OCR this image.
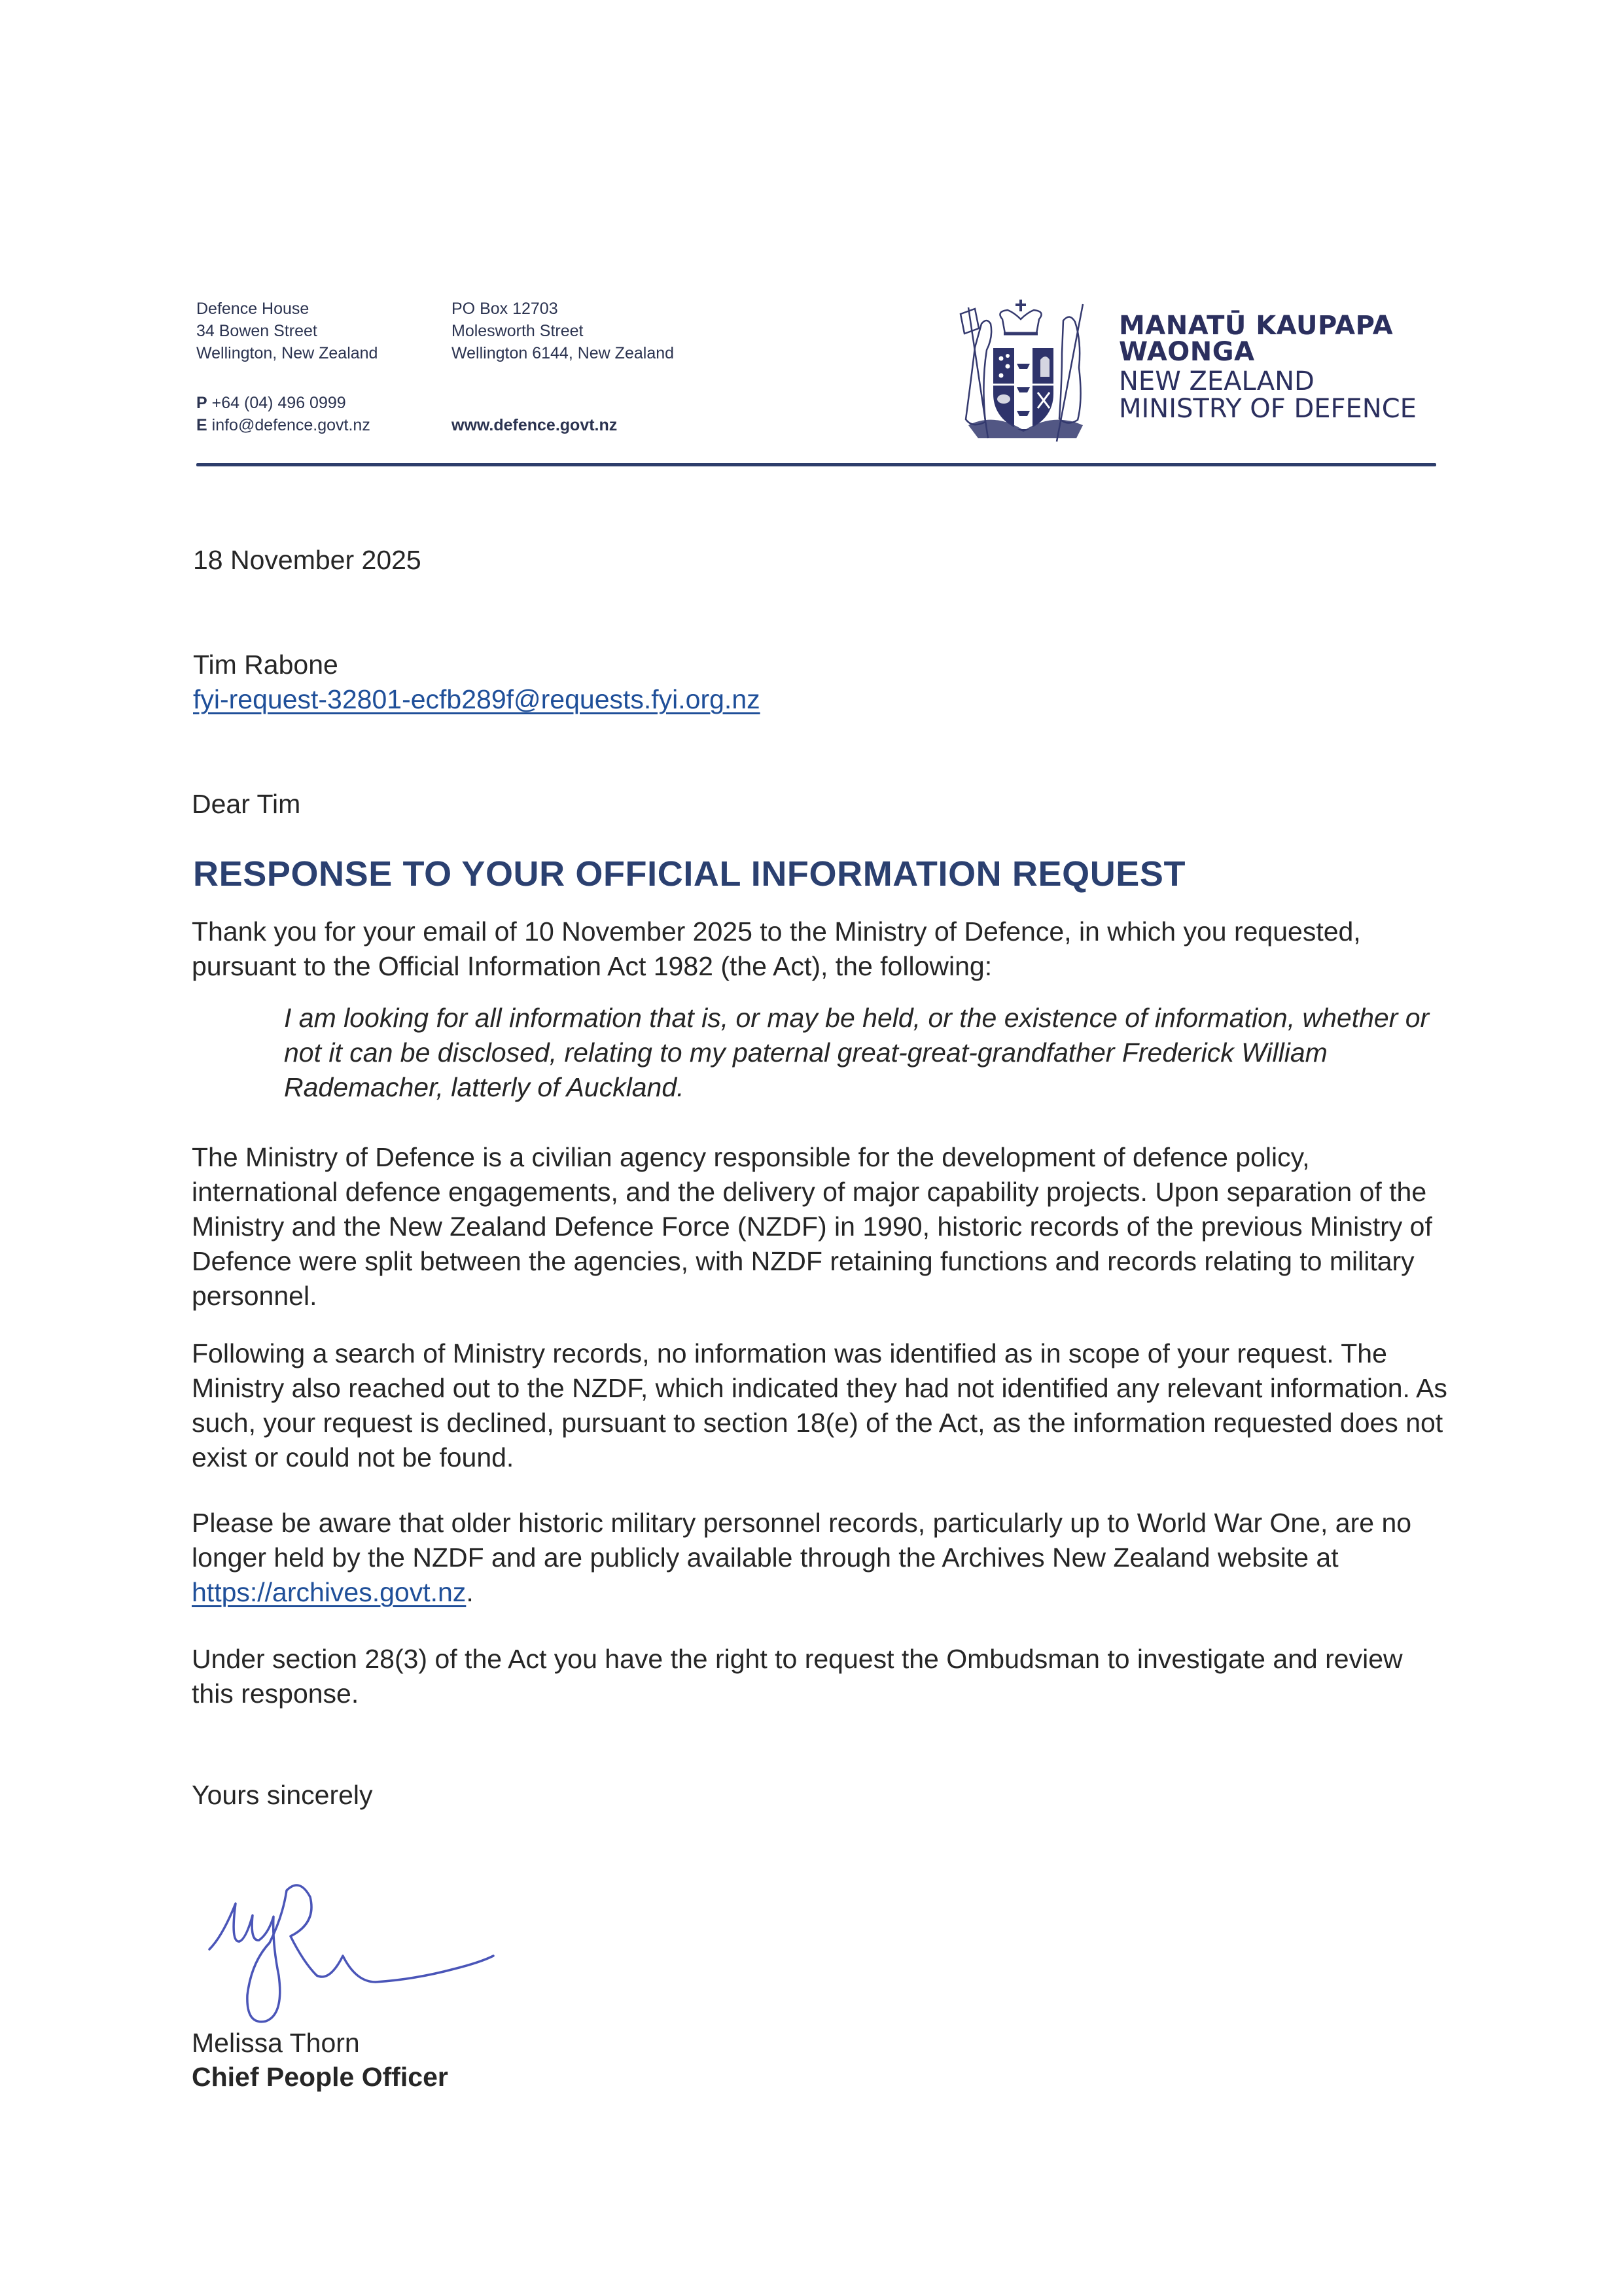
Defence House
34 Bowen Street
Wellington, New Zealand
P +64 (04) 496 0999
E info@defence.govt.nz
PO Box 12703
Molesworth Street
Wellington 6144, New Zealand
www.defence.govt.nz
MANATŪ KAUPAPA
WAONGA
NEW ZEALAND
MINISTRY OF DEFENCE
18 November 2025
Tim Rabone
fyi-request-32801-ecfb289f@requests.fyi.org.nz
Dear Tim
RESPONSE TO YOUR OFFICIAL INFORMATION REQUEST
Thank you for your email of 10 November 2025 to the Ministry of Defence, in which you requested, pursuant to the Official Information Act 1982 (the Act), the following:
I am looking for all information that is, or may be held, or the existence of information, whether or not it can be disclosed, relating to my paternal great-great-grandfather Frederick William Rademacher, latterly of Auckland.
The Ministry of Defence is a civilian agency responsible for the development of defence policy, international defence engagements, and the delivery of major capability projects. Upon separation of the Ministry and the New Zealand Defence Force (NZDF) in 1990, historic records of the previous Ministry of Defence were split between the agencies, with NZDF retaining functions and records relating to military personnel.
Following a search of Ministry records, no information was identified as in scope of your request. The Ministry also reached out to the NZDF, which indicated they had not identified any relevant information. As such, your request is declined, pursuant to section 18(e) of the Act, as the information requested does not exist or could not be found.
Please be aware that older historic military personnel records, particularly up to World War One, are no longer held by the NZDF and are publicly available through the Archives New Zealand website at https://archives.govt.nz.
Under section 28(3) of the Act you have the right to request the Ombudsman to investigate and review this response.
Yours sincerely
Melissa Thorn
Chief People Officer
